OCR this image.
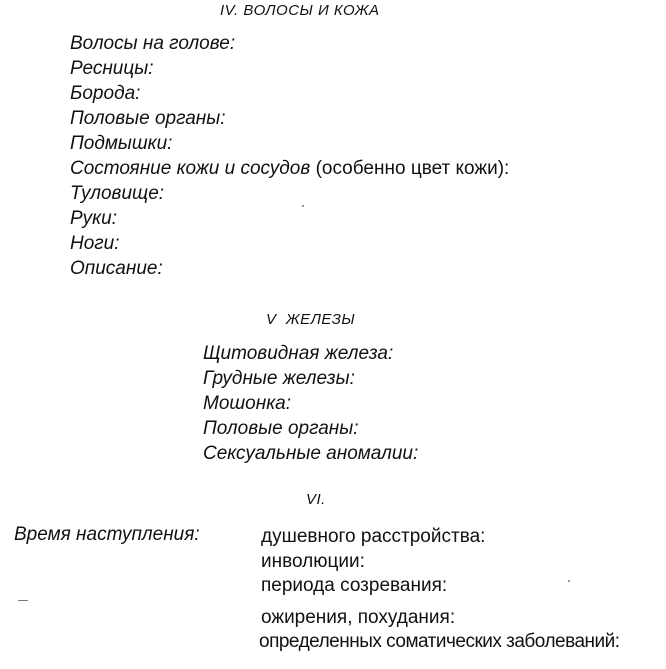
IV. ВОЛОСЫ И КОЖА
Волосы на голове:
Ресницы:
Борода:
Половые органы:
Подмышки:
Состояние кожи и сосудов (особенно цвет кожи):
Туловище:
Руки:
Ноги:
Описание:
V  ЖЕЛЕЗЫ
Щитовидная железа:
Грудные железы:
Мошонка:
Половые органы:
Сексуальные аномалии:
VI.
Время наступления:	душевного расстройства:
инволюции:
периода созревания:
ожирения, похудания:
определенных соматических заболеваний:
